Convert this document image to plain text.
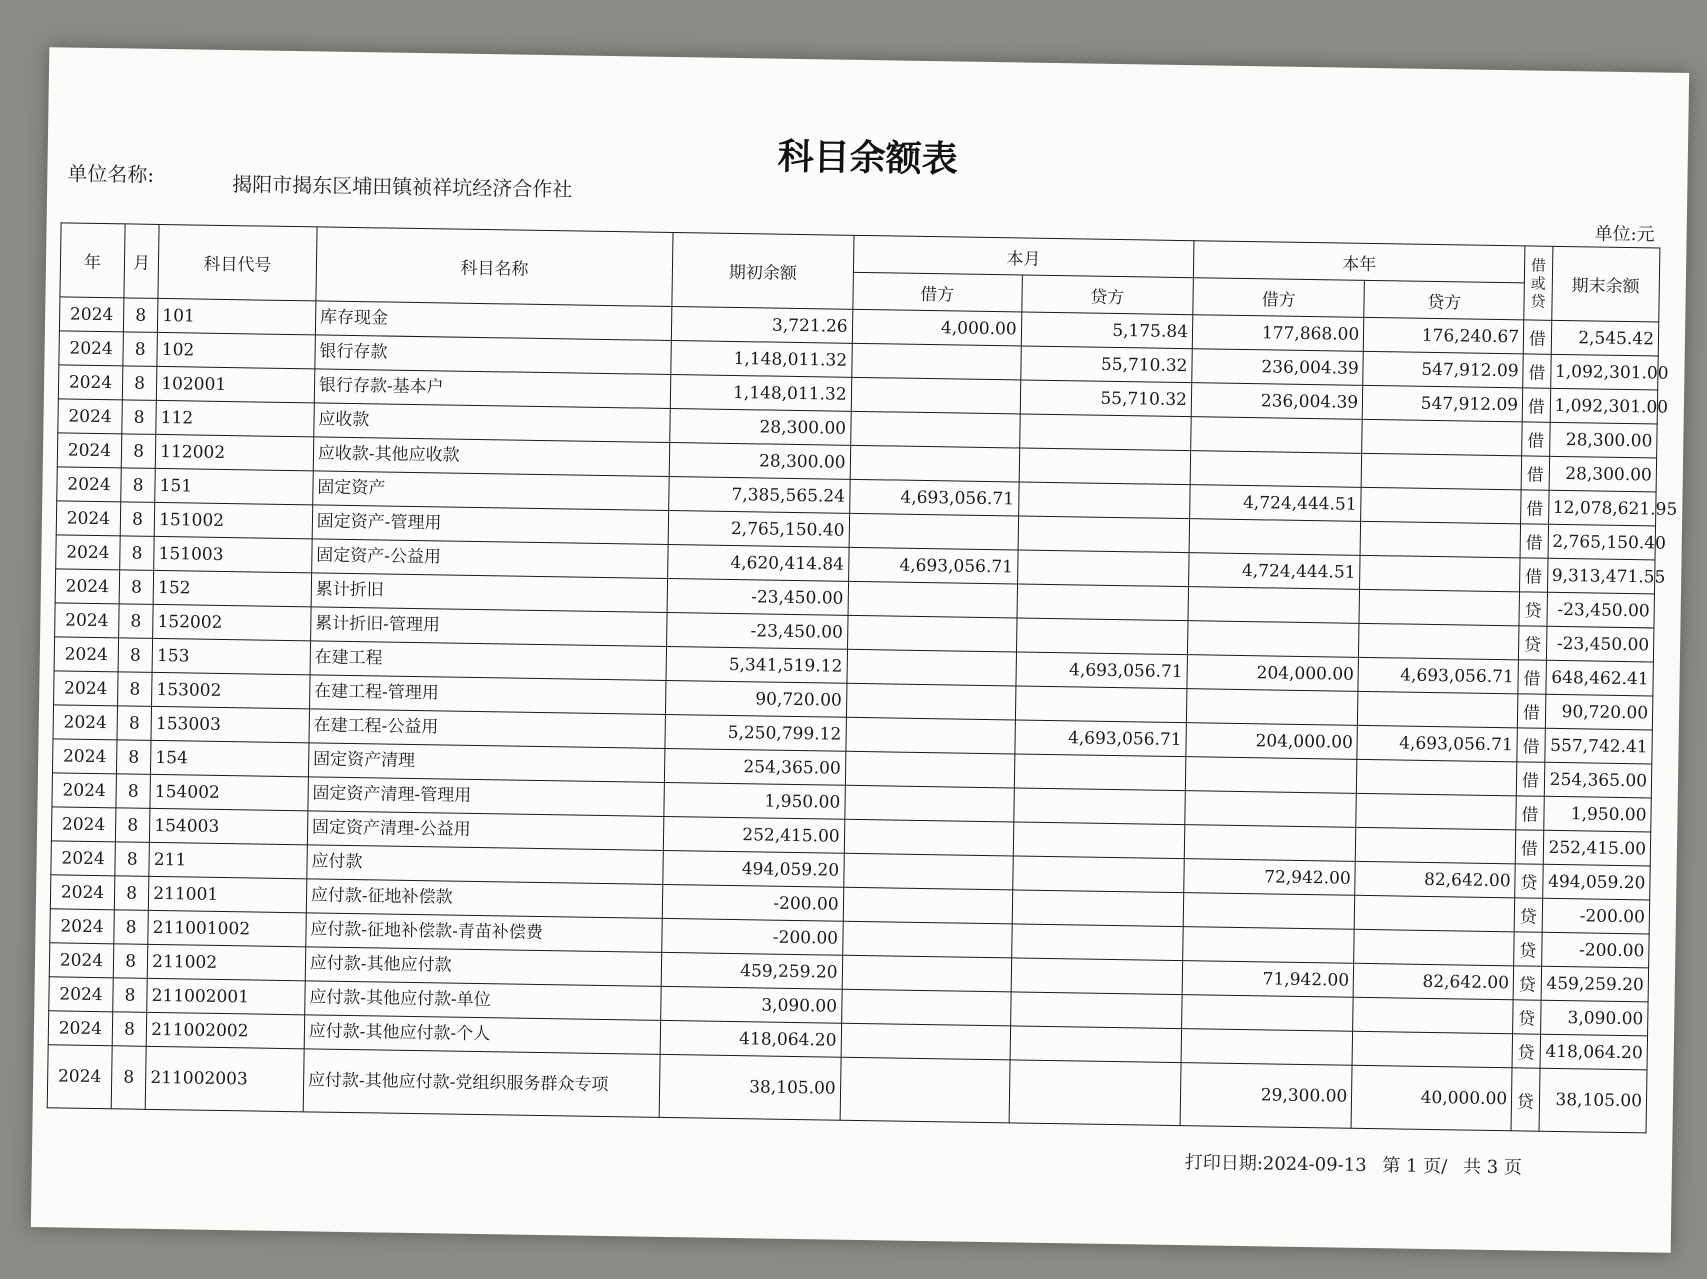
科目余额表
单位名称:	揭阳市揭东区埔田镇祯祥坑经济合作社
单位:元
年	月	科目代号	科目名称	期初余额	本月		本年		借或贷	期末余额
					借方	贷方	借方	贷方		
2024	8	101	库存现金	3,721.26	4,000.00	5,175.84	177,868.00	176,240.67	借	2,545.42
2024	8	102	银行存款	1,148,011.32		55,710.32	236,004.39	547,912.09	借	1,092,301.00
2024	8	102001	银行存款-基本户	1,148,011.32		55,710.32	236,004.39	547,912.09	借	1,092,301.00
2024	8	112	应收款	28,300.00					借	28,300.00
2024	8	112002	应收款-其他应收款	28,300.00					借	28,300.00
2024	8	151	固定资产	7,385,565.24	4,693,056.71		4,724,444.51		借	12,078,621.95
2024	8	151002	固定资产-管理用	2,765,150.40					借	2,765,150.40
2024	8	151003	固定资产-公益用	4,620,414.84	4,693,056.71		4,724,444.51		借	9,313,471.55
2024	8	152	累计折旧	-23,450.00					贷	-23,450.00
2024	8	152002	累计折旧-管理用	-23,450.00					贷	-23,450.00
2024	8	153	在建工程	5,341,519.12		4,693,056.71	204,000.00	4,693,056.71	借	648,462.41
2024	8	153002	在建工程-管理用	90,720.00					借	90,720.00
2024	8	153003	在建工程-公益用	5,250,799.12		4,693,056.71	204,000.00	4,693,056.71	借	557,742.41
2024	8	154	固定资产清理	254,365.00					借	254,365.00
2024	8	154002	固定资产清理-管理用	1,950.00					借	1,950.00
2024	8	154003	固定资产清理-公益用	252,415.00					借	252,415.00
2024	8	211	应付款	494,059.20			72,942.00	82,642.00	贷	494,059.20
2024	8	211001	应付款-征地补偿款	-200.00					贷	-200.00
2024	8	211001002	应付款-征地补偿款-青苗补偿费	-200.00					贷	-200.00
2024	8	211002	应付款-其他应付款	459,259.20			71,942.00	82,642.00	贷	459,259.20
2024	8	211002001	应付款-其他应付款-单位	3,090.00					贷	3,090.00
2024	8	211002002	应付款-其他应付款-个人	418,064.20					贷	418,064.20
2024	8	211002003	应付款-其他应付款-党组织服务群众专项	38,105.00			29,300.00	40,000.00	贷	38,105.00
打印日期:2024-09-13 第 1 页/ 共 3 页
